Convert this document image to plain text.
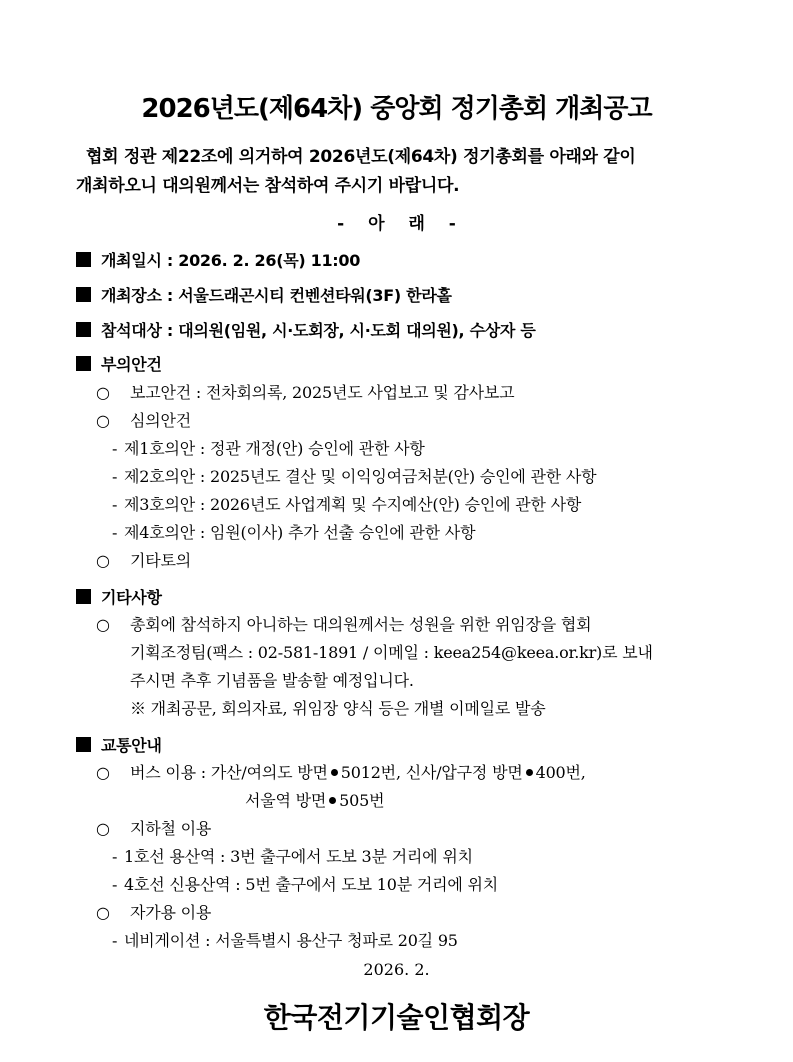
2026년도(제64차) 중앙회 정기총회 개최공고

협회 정관 제22조에 의거하여 2026년도(제64차) 정기총회를 아래와 같이

개최하오니 대의원께서는 참석하여 주시기 바랍니다.

- 아 래 -
개최일시 : 2026. 2. 26(목) 11:00
개최장소 : 서울드래곤시티 컨벤션타워(3F) 한라홀
참석대상 : 대의원(임원, 시·도회장, 시·도회 대의원), 수상자 등
부의안건
○ 보고안건 : 전차회의록, 2025년도 사업보고 및 감사보고
○ 심의안건
- 제1호의안 : 정관 개정(안) 승인에 관한 사항
- 제2호의안 : 2025년도 결산 및 이익잉여금처분(안) 승인에 관한 사항
- 제3호의안 : 2026년도 사업계획 및 수지예산(안) 승인에 관한 사항
- 제4호의안 : 임원(이사) 추가 선출 승인에 관한 사항
○ 기타토의
기타사항
○ 총회에 참석하지 아니하는 대의원께서는 성원을 위한 위임장을 협회
기획조정팀(팩스 : 02-581-1891 / 이메일 : keea254@keea.or.kr)로 보내
주시면 추후 기념품을 발송할 예정입니다.
※ 개최공문, 회의자료, 위임장 양식 등은 개별 이메일로 발송
교통안내
○ 버스 이용 : 가산/여의도 방면 5012번, 신사/압구정 방면 400번,
서울역 방면 505번
○ 지하철 이용
- 1호선 용산역 : 3번 출구에서 도보 3분 거리에 위치
- 4호선 신용산역 : 5번 출구에서 도보 10분 거리에 위치
○ 자가용 이용
- 네비게이션 : 서울특별시 용산구 청파로 20길 95
2026. 2.
한국전기기술인협회장
